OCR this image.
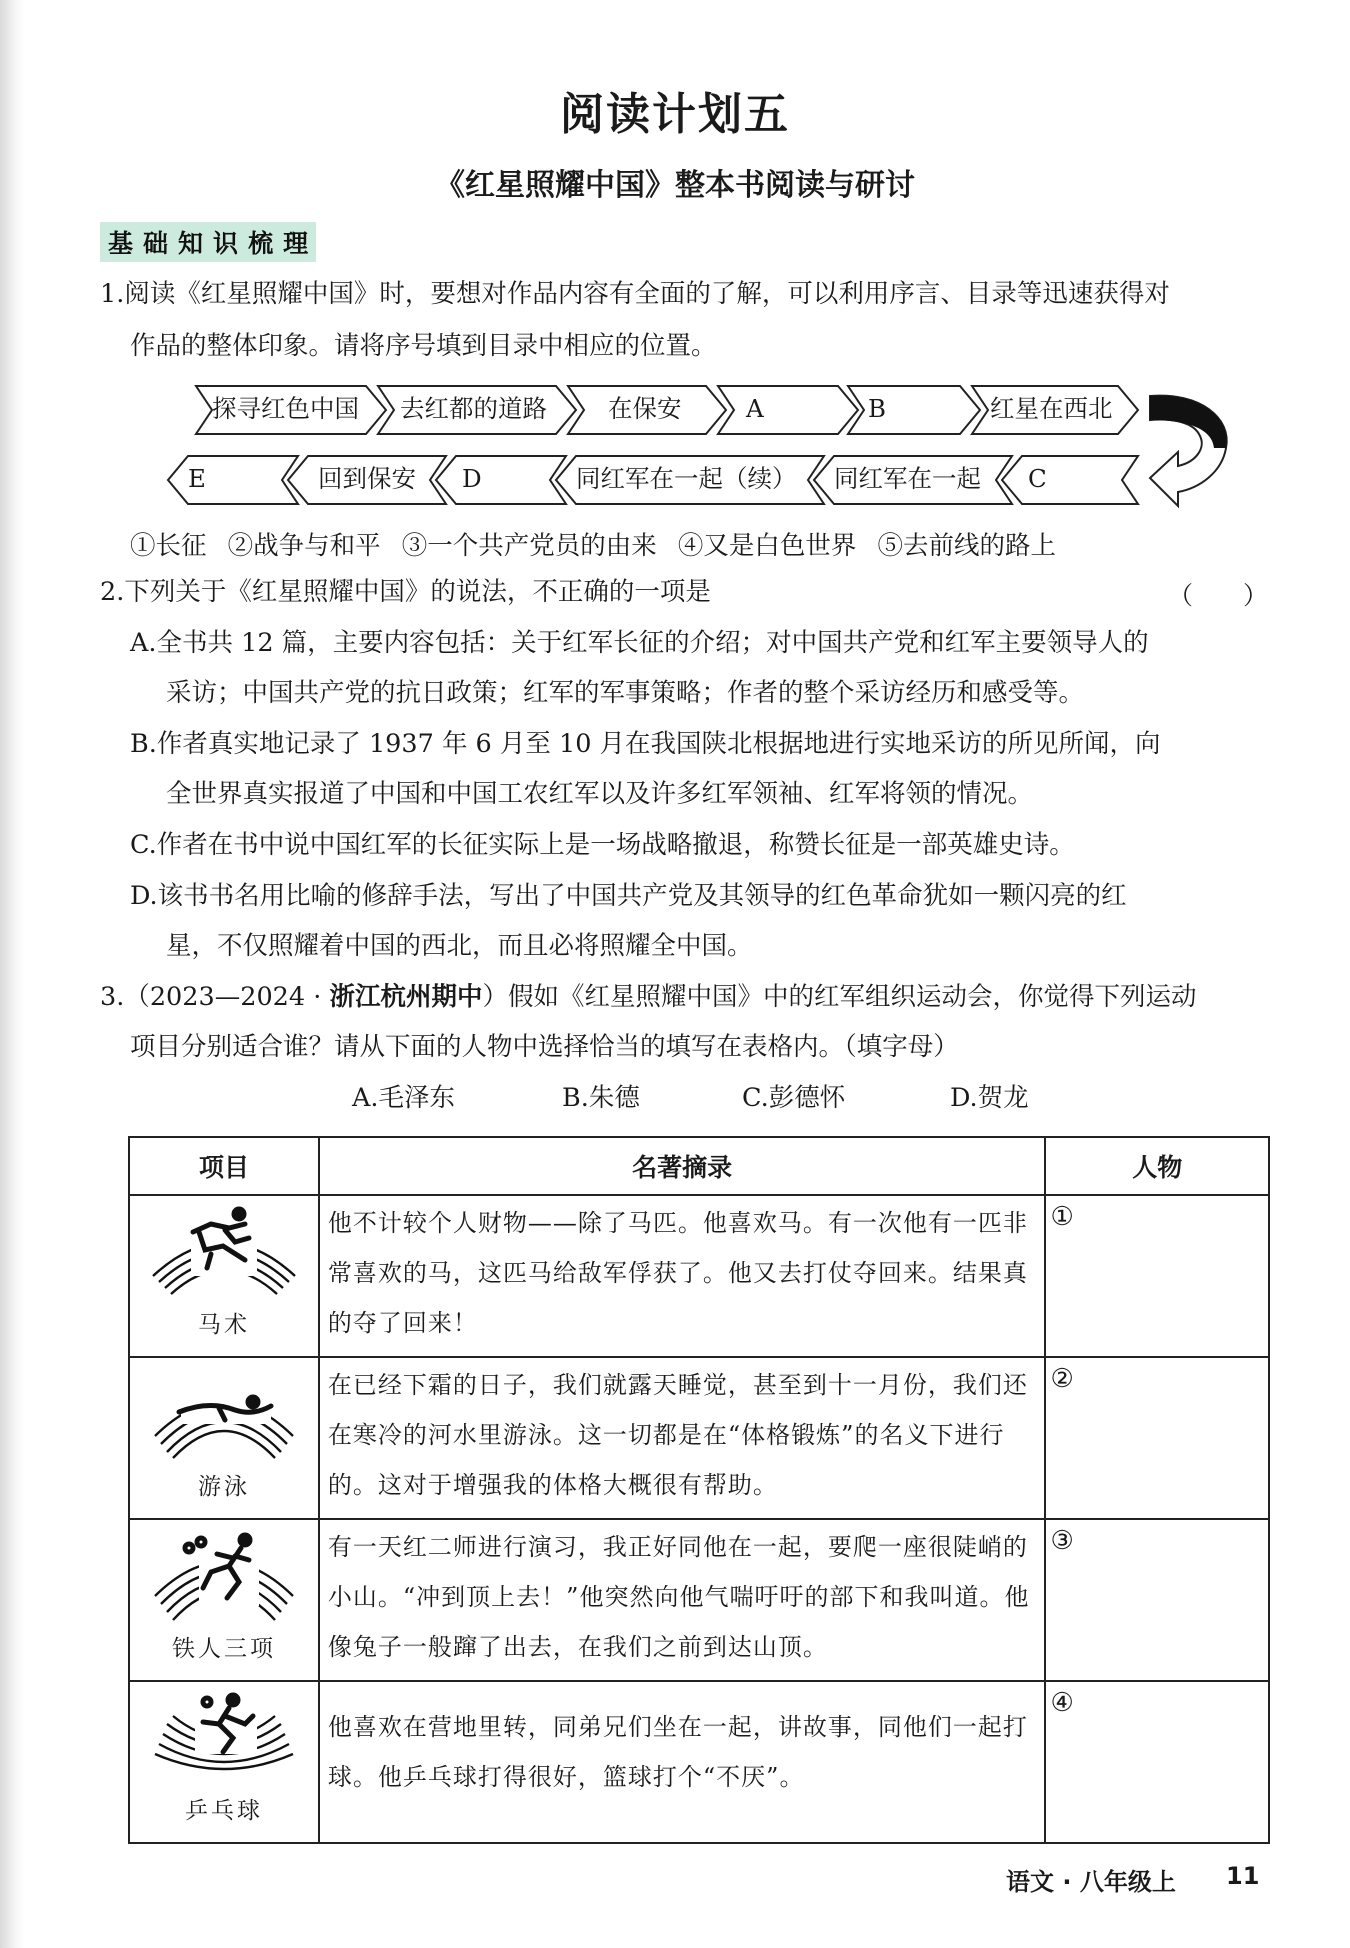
阅读计划五
《红星照耀中国》整本书阅读与研讨
基 础 知 识 梳 理
1.阅读《红星照耀中国》时，要想对作品内容有全面的了解，可以利用序言、目录等迅速获得对
作品的整体印象。请将序号填到目录中相应的位置。
探寻红色中国 去红都的道路 在保安	A	B	红星在西北
E	回到保安 D	同红军在一起（续） 同红军在一起 C
①长征　 ②战争与和平　 ③一个共产党员的由来　 ④又是白色世界　 ⑤去前线的路上
2.下列关于《红星照耀中国》的说法，不正确的一项是	（　　）
A.全书共 12 篇，主要内容包括：关于红军长征的介绍；对中国共产党和红军主要领导人的
采访；中国共产党的抗日政策；红军的军事策略；作者的整个采访经历和感受等。
B.作者真实地记录了 1937 年 6 月至 10 月在我国陕北根据地进行实地采访的所见所闻，向
全世界真实报道了中国和中国工农红军以及许多红军领袖、红军将领的情况。
C.作者在书中说中国红军的长征实际上是一场战略撤退，称赞长征是一部英雄史诗。
D.该书书名用比喻的修辞手法，写出了中国共产党及其领导的红色革命犹如一颗闪亮的红
星，不仅照耀着中国的西北，而且必将照耀全中国。
3.（2023—2024 · 浙江杭州期中）假如《红星照耀中国》中的红军组织运动会，你觉得下列运动
项目分别适合谁？请从下面的人物中选择恰当的填写在表格内。（填字母）
A.毛泽东	B.朱德	C.彭德怀	D.贺龙
项目	名著摘录	人物

马术	他不计较个人财物——除了马匹。他喜欢马。有一次他有一匹非常喜欢的马，这匹马给敌军俘获了。他又去打仗夺回来。结果真的夺了回来！	①

游泳	在已经下霜的日子，我们就露天睡觉，甚至到十一月份，我们还在寒冷的河水里游泳。这一切都是在“体格锻炼”的名义下进行的。这对于增强我的体格大概很有帮助。	②

铁人三项	有一天红二师进行演习，我正好同他在一起，要爬一座很陡峭的小山。“冲到顶上去！”他突然向他气喘吁吁的部下和我叫道。他像兔子一般蹿了出去，在我们之前到达山顶。	③

乒乓球	他喜欢在营地里转，同弟兄们坐在一起，讲故事，同他们一起打球。他乒乓球打得很好，篮球打个“不厌”。	④
语文 · 八年级上 11
